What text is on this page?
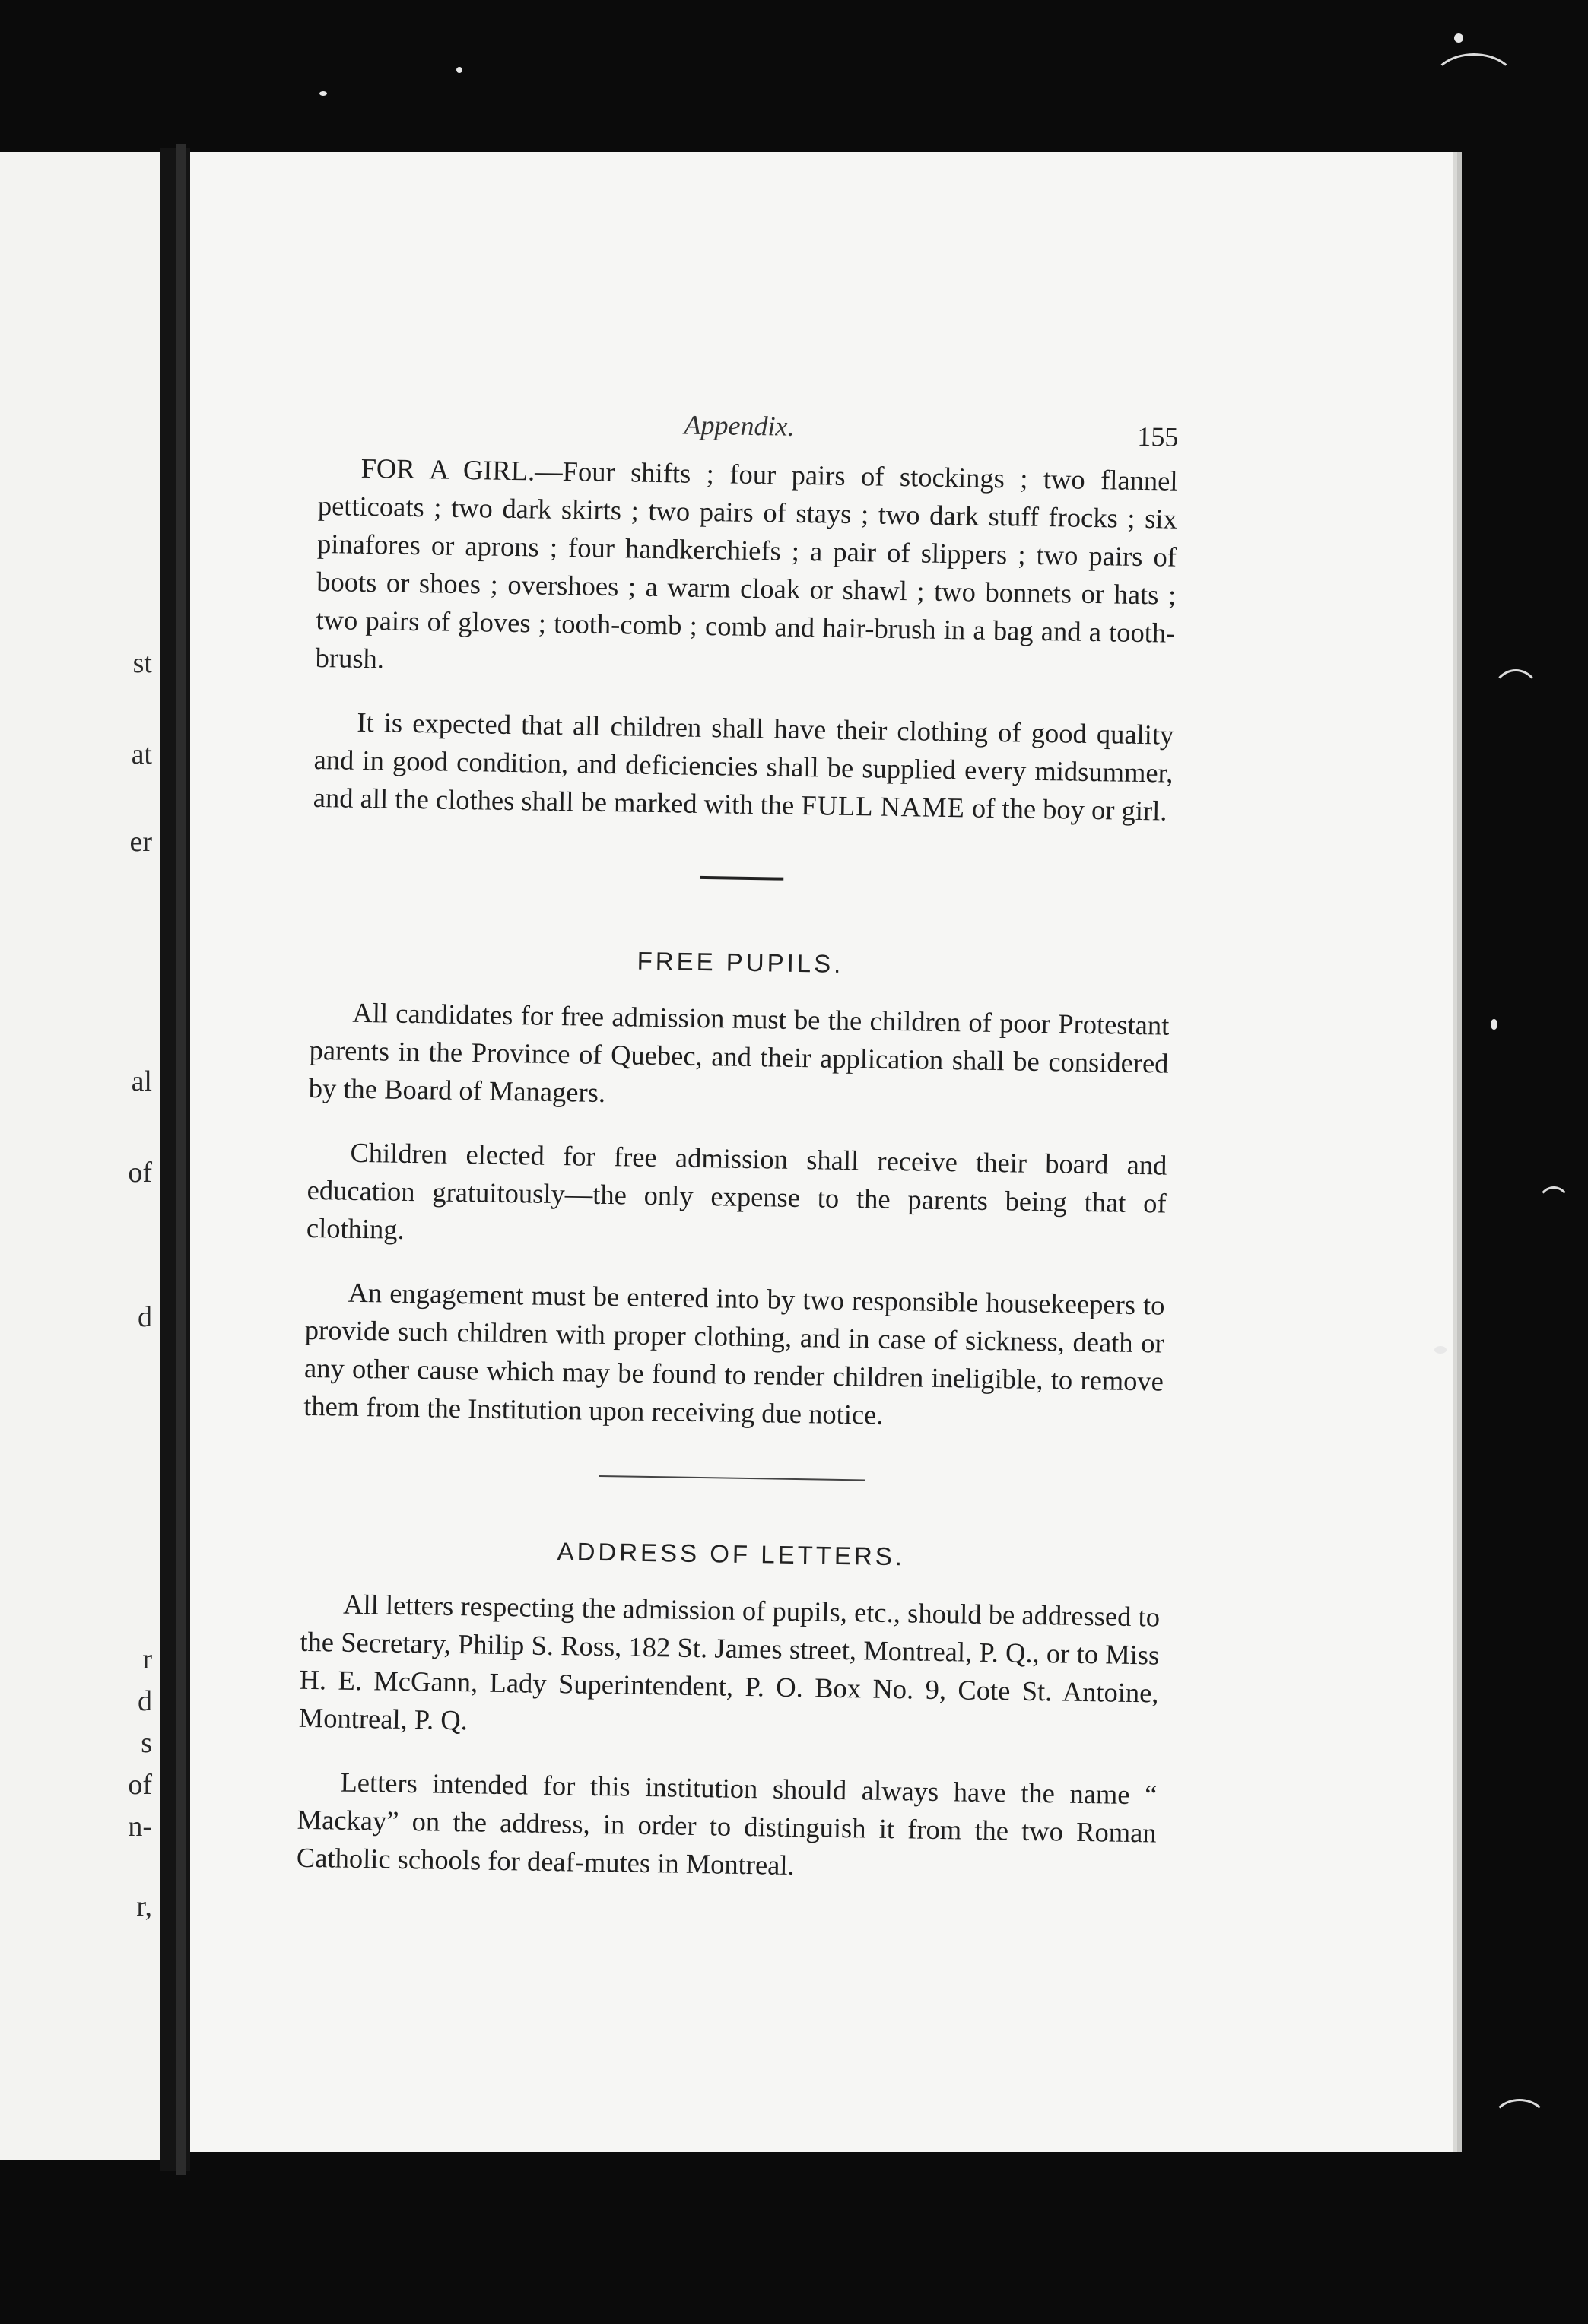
st
at
er
al
of
d
r
d
s
of
n-
r,
Appendix.	155

FOR A GIRL.—Four shifts ; four pairs of stockings ; two flannel petticoats ; two dark skirts ; two pairs of stays ; two dark stuff frocks ; six pinafores or aprons ; four handkerchiefs ; a pair of slippers ; two pairs of boots or shoes ; overshoes ; a warm cloak or shawl ; two bonnets or hats ; two pairs of gloves ; tooth-comb ; comb and hair-brush in a bag and a tooth-brush.

It is expected that all children shall have their clothing of good quality and in good condition, and deficiencies shall be supplied every midsummer, and all the clothes shall be marked with the FULL NAME of the boy or girl.

FREE PUPILS.

All candidates for free admission must be the children of poor Protestant parents in the Province of Quebec, and their application shall be considered by the Board of Managers.

Children elected for free admission shall receive their board and education gratuitously—the only expense to the parents being that of clothing.

An engagement must be entered into by two responsible housekeepers to provide such children with proper clothing, and in case of sickness, death or any other cause which may be found to render children ineligible, to remove them from the Institution upon receiving due notice.

ADDRESS OF LETTERS.

All letters respecting the admission of pupils, etc., should be addressed to the Secretary, Philip S. Ross, 182 St. James street, Montreal, P. Q., or to Miss H. E. McGann, Lady Superintendent, P. O. Box No. 9, Cote St. Antoine, Montreal, P. Q.

Letters intended for this institution should always have the name “ Mackay” on the address, in order to distinguish it from the two Roman Catholic schools for deaf-mutes in Montreal.
